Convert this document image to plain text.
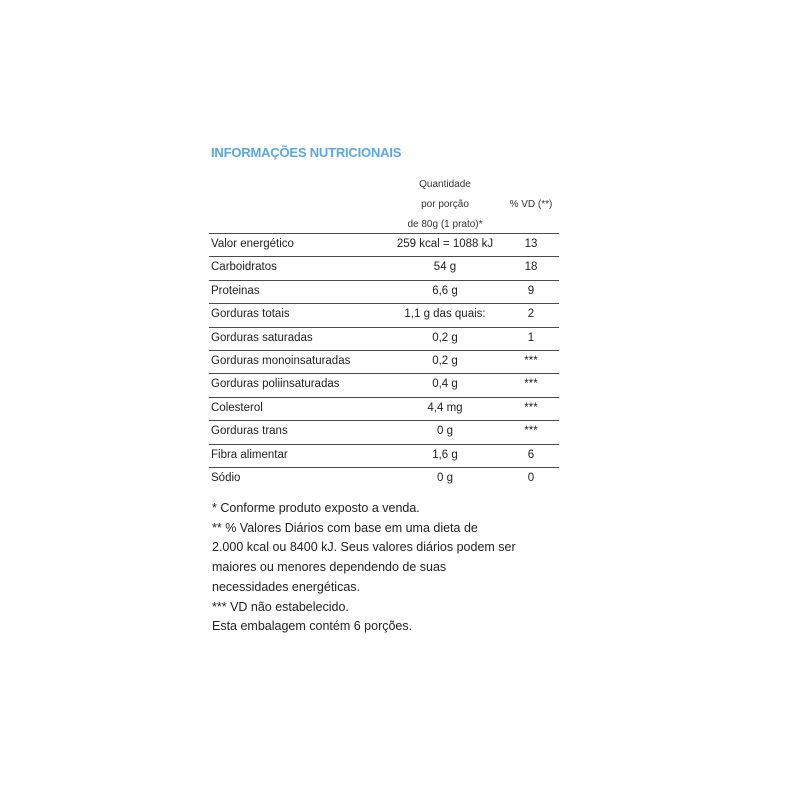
INFORMAÇÕES NUTRICIONAIS
Quantidade
por porção
de 80g (1 prato)*
% VD (**)
Valor energético	259 kcal = 1088 kJ	13
Carboidratos	54 g	18
Proteinas	6,6 g	9
Gorduras totais	1,1 g das quais:	2
Gorduras saturadas	0,2 g	1
Gorduras monoinsaturadas	0,2 g	***
Gorduras poliinsaturadas	0,4 g	***
Colesterol	4,4 mg	***
Gorduras trans	0 g	***
Fibra alimentar	1,6 g	6
Sódio	0 g	0
* Conforme produto exposto a venda.
** % Valores Diários com base em uma dieta de
2.000 kcal ou 8400 kJ. Seus valores diários podem ser
maiores ou menores dependendo de suas
necessidades energéticas.
*** VD não estabelecido.
Esta embalagem contém 6 porções.
